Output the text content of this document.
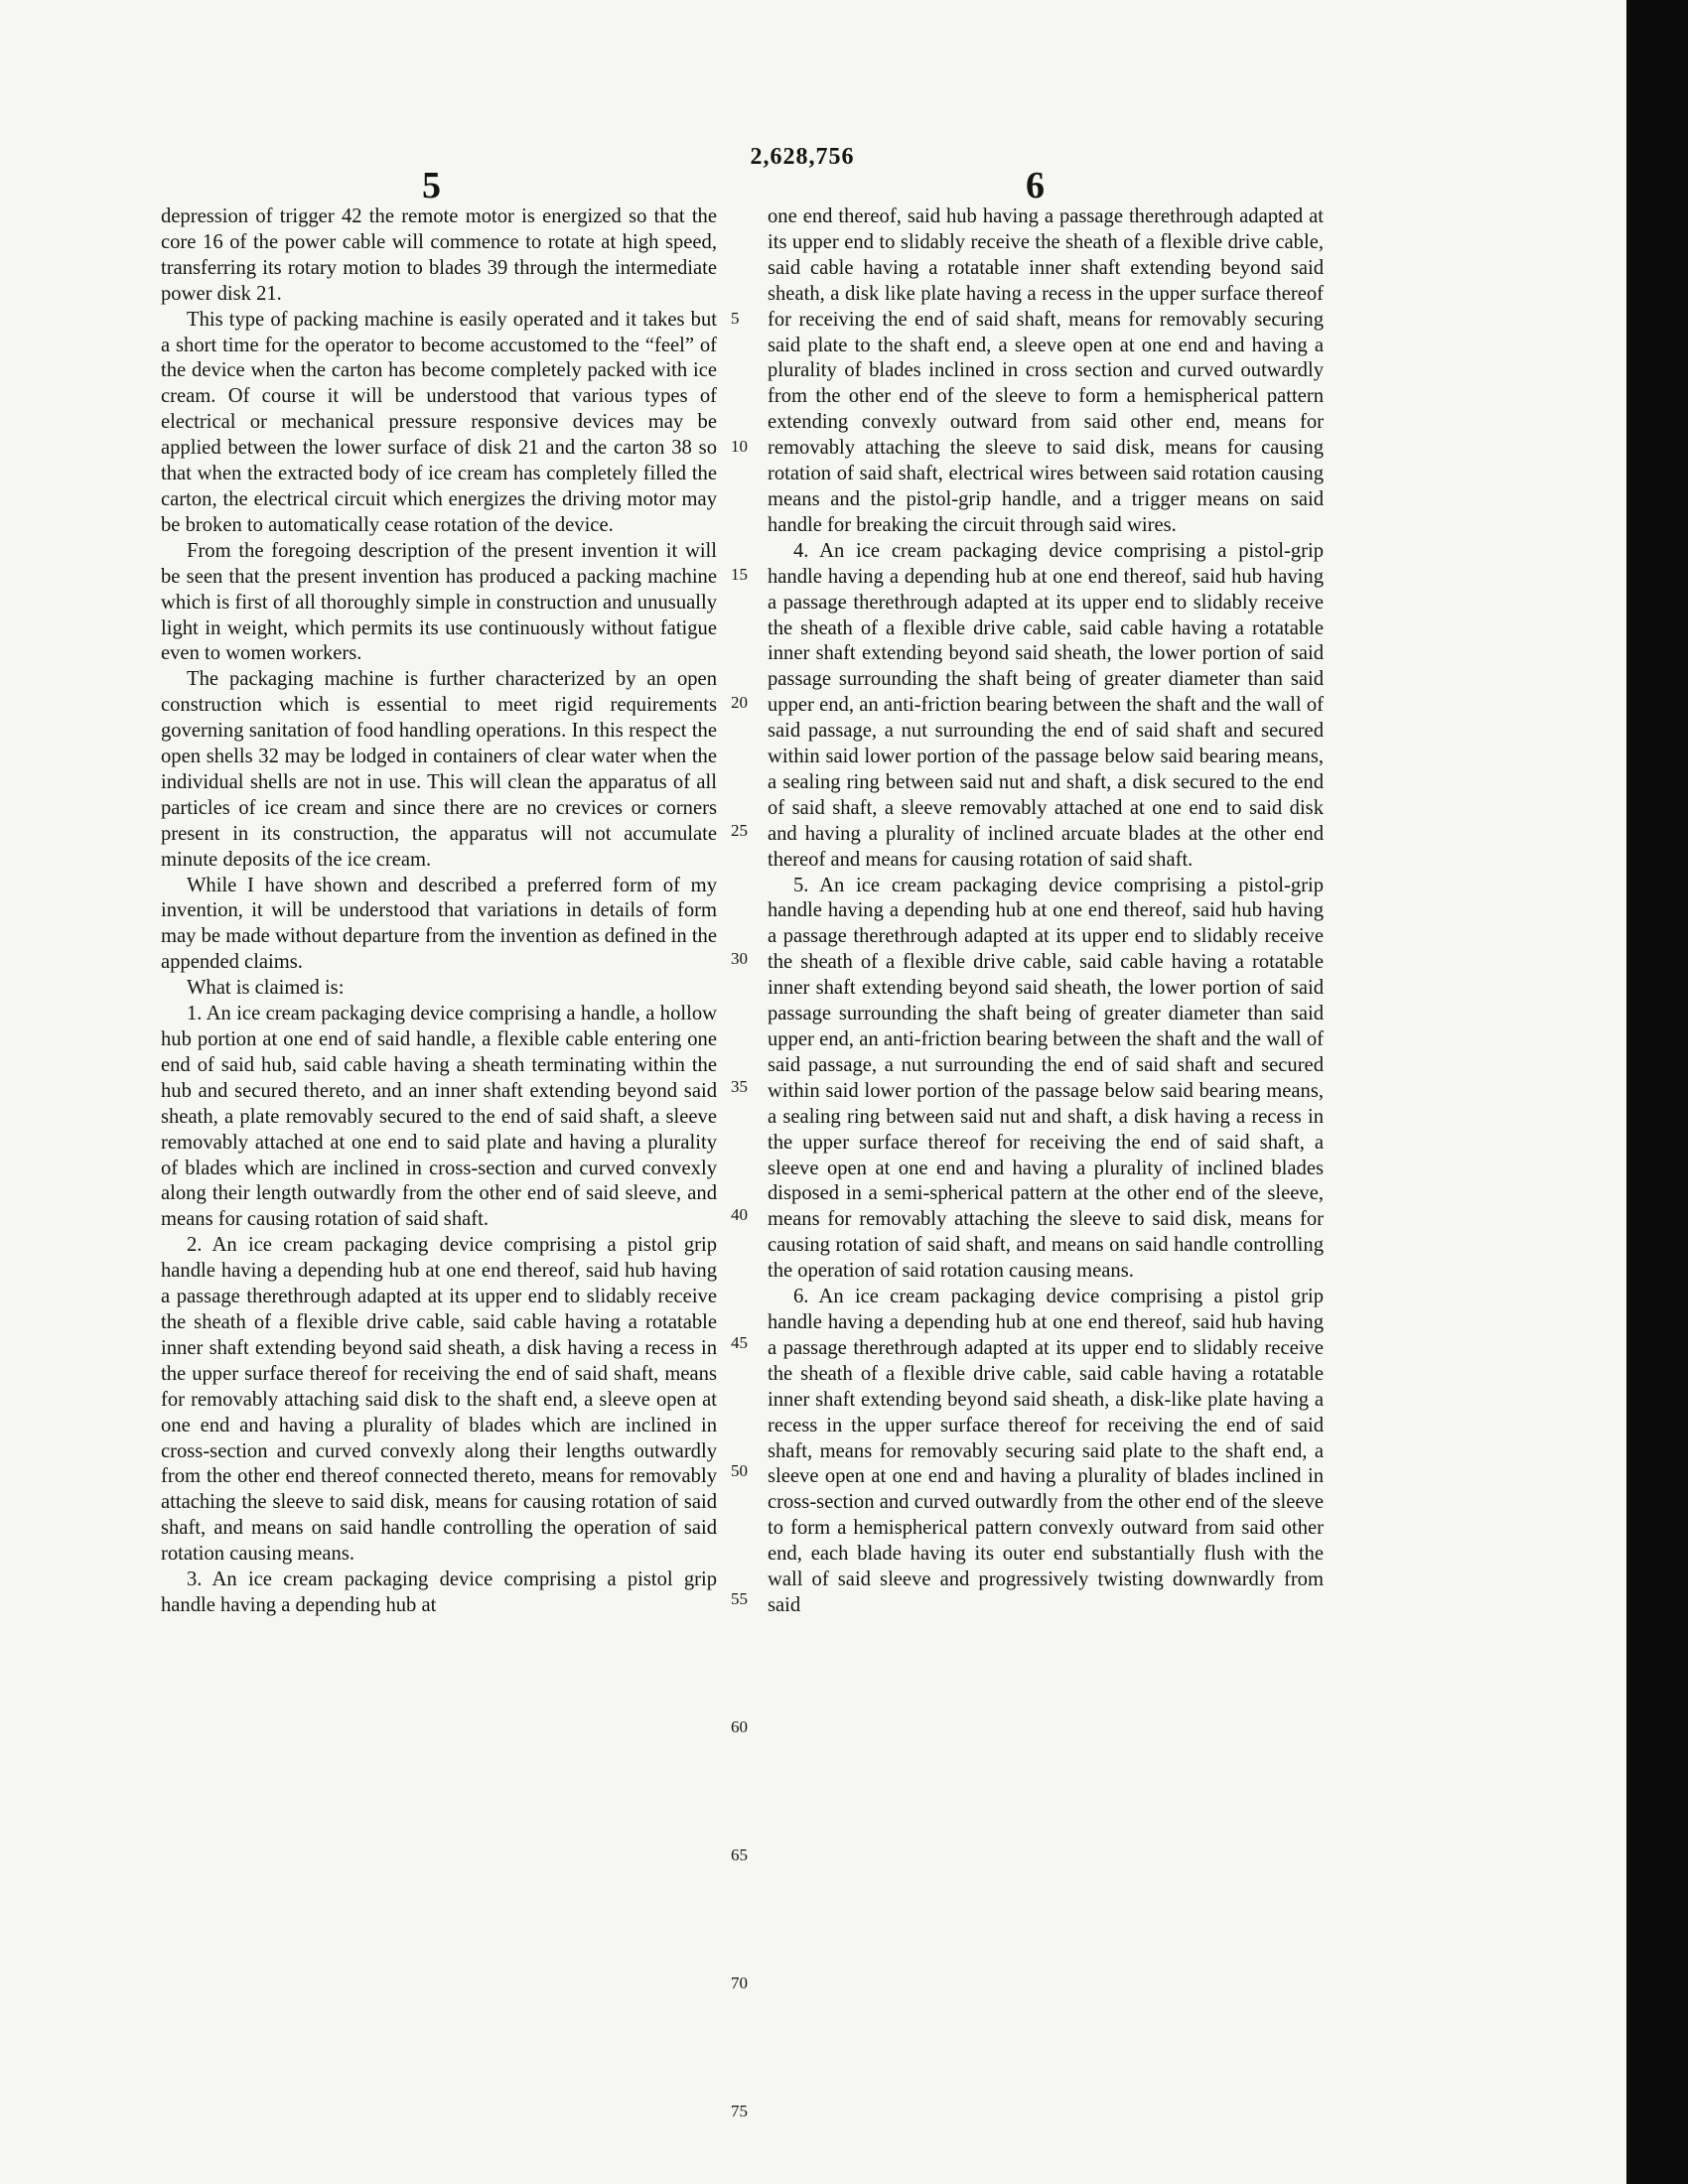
2,628,756
5	6

depression of trigger 42 the remote motor is energized so that the core 16 of the power cable will commence to rotate at high speed, transferring its rotary motion to blades 39 through the intermediate power disk 21.

This type of packing machine is easily operated and it takes but a short time for the operator to become accustomed to the “feel” of the device when the carton has become completely packed with ice cream. Of course it will be understood that various types of electrical or mechanical pressure responsive devices may be applied between the lower surface of disk 21 and the carton 38 so that when the extracted body of ice cream has completely filled the carton, the electrical circuit which energizes the driving motor may be broken to automatically cease rotation of the device.

From the foregoing description of the present invention it will be seen that the present invention has produced a packing machine which is first of all thoroughly simple in construction and unusually light in weight, which permits its use continuously without fatigue even to women workers.

The packaging machine is further characterized by an open construction which is essential to meet rigid requirements governing sanitation of food handling operations. In this respect the open shells 32 may be lodged in containers of clear water when the individual shells are not in use. This will clean the apparatus of all particles of ice cream and since there are no crevices or corners present in its construction, the apparatus will not accumulate minute deposits of the ice cream.

While I have shown and described a preferred form of my invention, it will be understood that variations in details of form may be made without departure from the invention as defined in the appended claims.

What is claimed is:

1. An ice cream packaging device comprising a handle, a hollow hub portion at one end of said handle, a flexible cable entering one end of said hub, said cable having a sheath terminating within the hub and secured thereto, and an inner shaft extending beyond said sheath, a plate removably secured to the end of said shaft, a sleeve removably attached at one end to said plate and having a plurality of blades which are inclined in cross-section and curved convexly along their length outwardly from the other end of said sleeve, and means for causing rotation of said shaft.

2. An ice cream packaging device comprising a pistol grip handle having a depending hub at one end thereof, said hub having a passage therethrough adapted at its upper end to slidably receive the sheath of a flexible drive cable, said cable having a rotatable inner shaft extending beyond said sheath, a disk having a recess in the upper surface thereof for receiving the end of said shaft, means for removably attaching said disk to the shaft end, a sleeve open at one end and having a plurality of blades which are inclined in cross-section and curved convexly along their lengths outwardly from the other end thereof connected thereto, means for removably attaching the sleeve to said disk, means for causing rotation of said shaft, and means on said handle controlling the operation of said rotation causing means.

3. An ice cream packaging device comprising a pistol grip handle having a depending hub at

one end thereof, said hub having a passage therethrough adapted at its upper end to slidably receive the sheath of a flexible drive cable, said cable having a rotatable inner shaft extending beyond said sheath, a disk like plate having a recess in the upper surface thereof for receiving the end of said shaft, means for removably securing said plate to the shaft end, a sleeve open at one end and having a plurality of blades inclined in cross section and curved outwardly from the other end of the sleeve to form a hemispherical pattern extending convexly outward from said other end, means for removably attaching the sleeve to said disk, means for causing rotation of said shaft, electrical wires between said rotation causing means and the pistol-grip handle, and a trigger means on said handle for breaking the circuit through said wires.

4. An ice cream packaging device comprising a pistol-grip handle having a depending hub at one end thereof, said hub having a passage therethrough adapted at its upper end to slidably receive the sheath of a flexible drive cable, said cable having a rotatable inner shaft extending beyond said sheath, the lower portion of said passage surrounding the shaft being of greater diameter than said upper end, an anti-friction bearing between the shaft and the wall of said passage, a nut surrounding the end of said shaft and secured within said lower portion of the passage below said bearing means, a sealing ring between said nut and shaft, a disk secured to the end of said shaft, a sleeve removably attached at one end to said disk and having a plurality of inclined arcuate blades at the other end thereof and means for causing rotation of said shaft.

5. An ice cream packaging device comprising a pistol-grip handle having a depending hub at one end thereof, said hub having a passage therethrough adapted at its upper end to slidably receive the sheath of a flexible drive cable, said cable having a rotatable inner shaft extending beyond said sheath, the lower portion of said passage surrounding the shaft being of greater diameter than said upper end, an anti-friction bearing between the shaft and the wall of said passage, a nut surrounding the end of said shaft and secured within said lower portion of the passage below said bearing means, a sealing ring between said nut and shaft, a disk having a recess in the upper surface thereof for receiving the end of said shaft, a sleeve open at one end and having a plurality of inclined blades disposed in a semi-spherical pattern at the other end of the sleeve, means for removably attaching the sleeve to said disk, means for causing rotation of said shaft, and means on said handle controlling the operation of said rotation causing means.

6. An ice cream packaging device comprising a pistol grip handle having a depending hub at one end thereof, said hub having a passage therethrough adapted at its upper end to slidably receive the sheath of a flexible drive cable, said cable having a rotatable inner shaft extending beyond said sheath, a disk-like plate having a recess in the upper surface thereof for receiving the end of said shaft, means for removably securing said plate to the shaft end, a sleeve open at one end and having a plurality of blades inclined in cross-section and curved outwardly from the other end of the sleeve to form a hemispherical pattern convexly outward from said other end, each blade having its outer end substantially flush with the wall of said sleeve and progressively twisting downwardly from said

5
10
15
20
25
30
35
40
45
50
55
60
65
70
75
